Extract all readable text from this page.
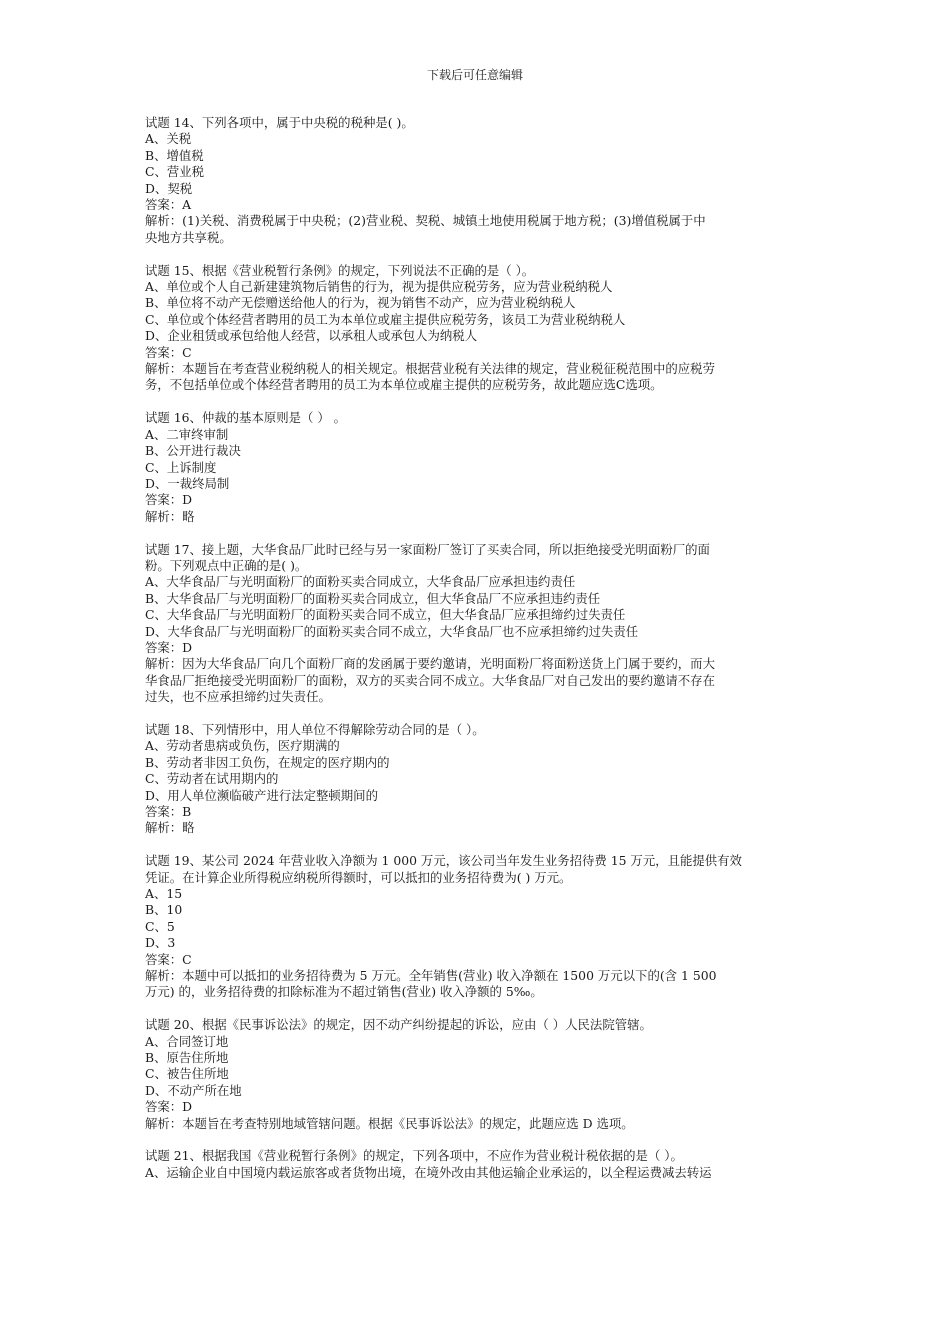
下载后可任意编辑
试题 14、下列各项中，属于中央税的税种是( )。
A、关税
B、增值税
C、营业税
D、契税
答案：A
解析：(1)关税、消费税属于中央税；(2)营业税、契税、城镇土地使用税属于地方税；(3)增值税属于中
央地方共享税。
试题 15、根据《营业税暂行条例》的规定，下列说法不正确的是（ ）。
A、单位或个人自己新建建筑物后销售的行为，视为提供应税劳务，应为营业税纳税人
B、单位将不动产无偿赠送给他人的行为，视为销售不动产，应为营业税纳税人
C、单位或个体经营者聘用的员工为本单位或雇主提供应税劳务，该员工为营业税纳税人
D、企业租赁或承包给他人经营，以承租人或承包人为纳税人
答案：C
解析：本题旨在考查营业税纳税人的相关规定。根据营业税有关法律的规定，营业税征税范围中的应税劳
务，不包括单位或个体经营者聘用的员工为本单位或雇主提供的应税劳务，故此题应选C选项。
试题 16、仲裁的基本原则是（ ） 。
A、二审终审制
B、公开进行裁决
C、上诉制度
D、一裁终局制
答案：D
解析：略
试题 17、接上题，大华食品厂此时已经与另一家面粉厂签订了买卖合同，所以拒绝接受光明面粉厂的面
粉。下列观点中正确的是( )。
A、大华食品厂与光明面粉厂的面粉买卖合同成立，大华食品厂应承担违约责任
B、大华食品厂与光明面粉厂的面粉买卖合同成立，但大华食品厂不应承担违约责任
C、大华食品厂与光明面粉厂的面粉买卖合同不成立，但大华食品厂应承担缔约过失责任
D、大华食品厂与光明面粉厂的面粉买卖合同不成立，大华食品厂也不应承担缔约过失责任
答案：D
解析：因为大华食品厂向几个面粉厂商的发函属于要约邀请，光明面粉厂将面粉送货上门属于要约，而大
华食品厂拒绝接受光明面粉厂的面粉，双方的买卖合同不成立。大华食品厂对自己发出的要约邀请不存在
过失，也不应承担缔约过失责任。
试题 18、下列情形中，用人单位不得解除劳动合同的是（ ）。
A、劳动者患病或负伤，医疗期满的
B、劳动者非因工负伤，在规定的医疗期内的
C、劳动者在试用期内的
D、用人单位濒临破产进行法定整顿期间的
答案：B
解析：略
试题 19、某公司 2024 年营业收入净额为 1 000 万元，该公司当年发生业务招待费 15 万元，且能提供有效
凭证。在计算企业所得税应纳税所得额时，可以抵扣的业务招待费为( ) 万元。
A、15
B、10
C、5
D、3
答案：C
解析：本题中可以抵扣的业务招待费为 5 万元。全年销售(营业) 收入净额在 1500 万元以下的(含 1 500
万元) 的，业务招待费的扣除标准为不超过销售(营业) 收入净额的 5‰。
试题 20、根据《民事诉讼法》的规定，因不动产纠纷提起的诉讼，应由（ ）人民法院管辖。
A、合同签订地
B、原告住所地
C、被告住所地
D、不动产所在地
答案：D
解析：本题旨在考查特别地域管辖问题。根据《民事诉讼法》的规定，此题应选 D 选项。
试题 21、根据我国《营业税暂行条例》的规定，下列各项中，不应作为营业税计税依据的是（ ）。
A、运输企业自中国境内载运旅客或者货物出境，在境外改由其他运输企业承运的，以全程运费减去转运
